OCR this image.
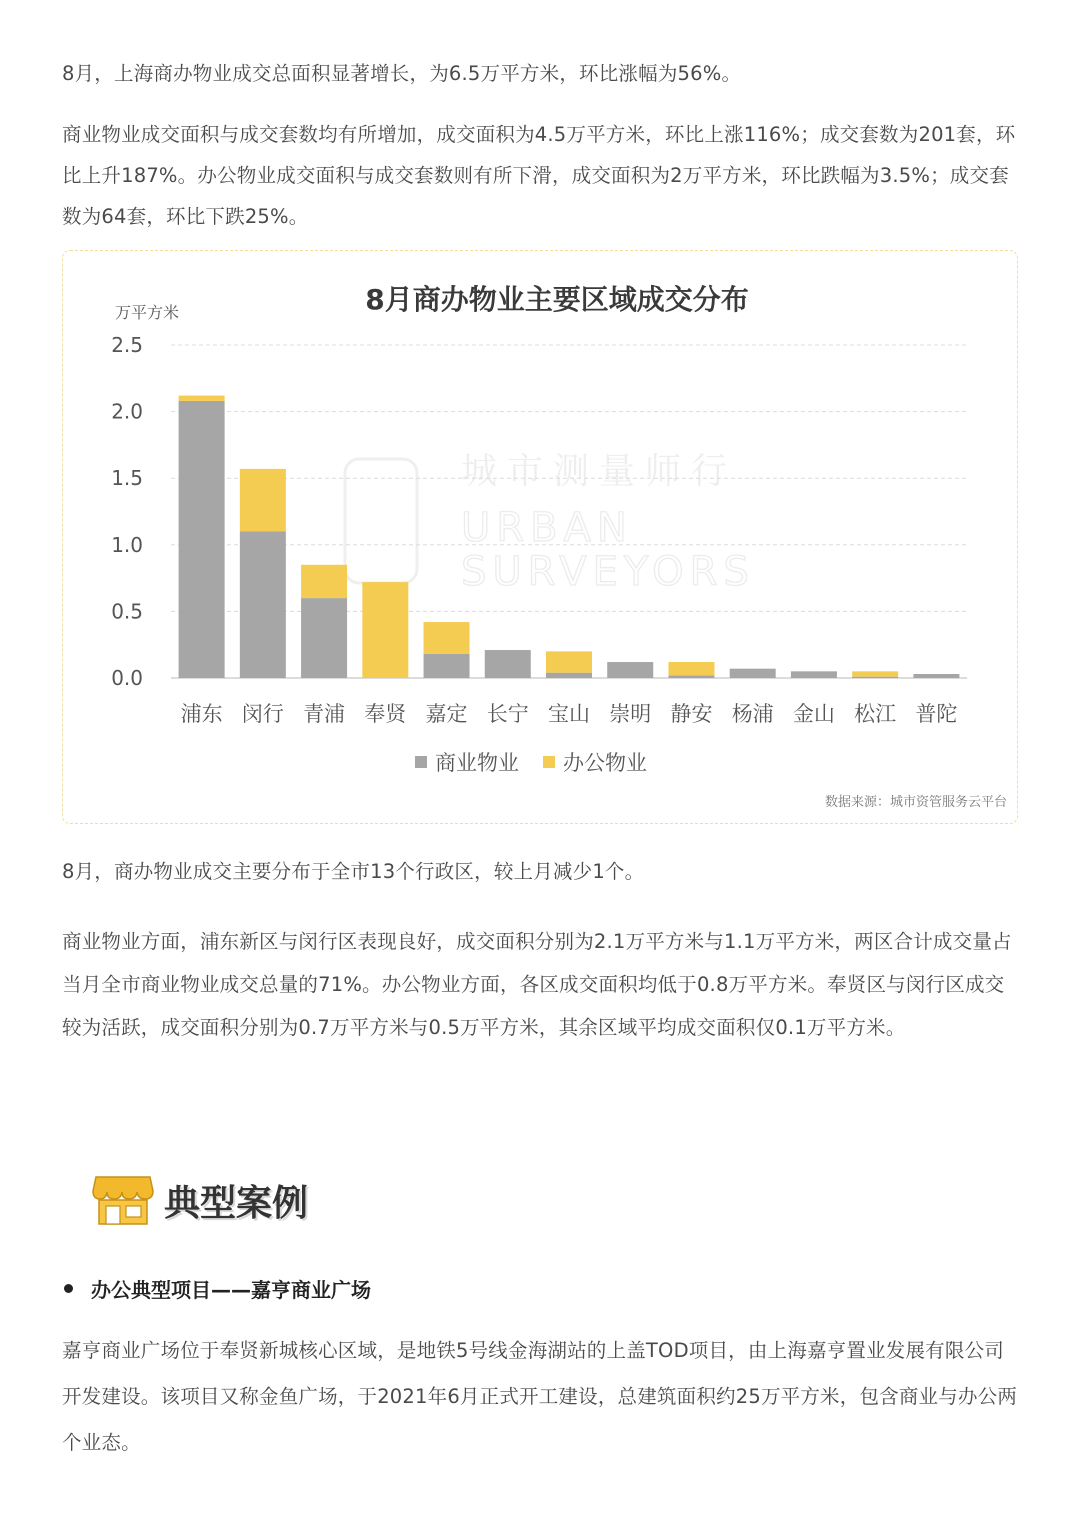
8月，上海商办物业成交总面积显著增长，为6.5万平方米，环比涨幅为56%。

商业物业成交面积与成交套数均有所增加，成交面积为4.5万平方米，环比上涨116%；成交套数为201套，环比上升187%。办公物业成交面积与成交套数则有所下滑，成交面积为2万平方米，环比跌幅为3.5%；成交套数为64套，环比下跌25%。

城市测量师行
URBAN
SURVEYORS
8月商办物业主要区域成交分布
万平方米
0.0
0.5
1.0
1.5
2.0
2.5
浦东 闵行 青浦 奉贤 嘉定 长宁 宝山 崇明 静安 杨浦 金山 松江 普陀
商业物业 办公物业
数据来源：城市资管服务云平台

8月，商办物业成交主要分布于全市13个行政区，较上月减少1个。

商业物业方面，浦东新区与闵行区表现良好，成交面积分别为2.1万平方米与1.1万平方米，两区合计成交量占当月全市商业物业成交总量的71%。办公物业方面，各区成交面积均低于0.8万平方米。奉贤区与闵行区成交较为活跃，成交面积分别为0.7万平方米与0.5万平方米，其余区域平均成交面积仅0.1万平方米。

典型案例
办公典型项目——嘉亨商业广场

嘉亨商业广场位于奉贤新城核心区域，是地铁5号线金海湖站的上盖TOD项目，由上海嘉亨置业发展有限公司开发建设。该项目又称金鱼广场，于2021年6月正式开工建设，总建筑面积约25万平方米，包含商业与办公两个业态。
